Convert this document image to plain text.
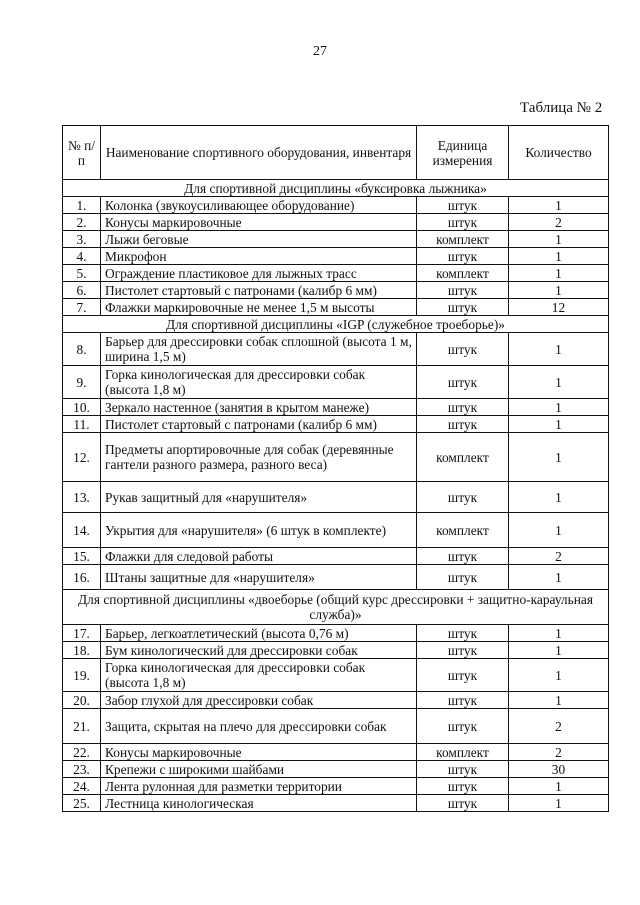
27
Таблица № 2
№ п/п	Наименование спортивного оборудования, инвентаря	Единица измерения	Количество
Для спортивной дисциплины «буксировка лыжника»			
1.	Колонка (звукоусиливающее оборудование)	штук	1
2.	Конусы маркировочные	штук	2
3.	Лыжи беговые	комплект	1
4.	Микрофон	штук	1
5.	Ограждение пластиковое для лыжных трасс	комплект	1
6.	Пистолет стартовый с патронами (калибр 6 мм)	штук	1
7.	Флажки маркировочные не менее 1,5 м высоты	штук	12
Для спортивной дисциплины «IGP (служебное троеборье)»			
8.	Барьер для дрессировки собак сплошной (высота 1 м, ширина 1,5 м)	штук	1
9.	Горка кинологическая для дрессировки собак (высота 1,8 м)	штук	1
10.	Зеркало настенное (занятия в крытом манеже)	штук	1
11.	Пистолет стартовый с патронами (калибр 6 мм)	штук	1
12.	Предметы апортировочные для собак (деревянные гантели разного размера, разного веса)	комплект	1
13.	Рукав защитный для «нарушителя»	штук	1
14.	Укрытия для «нарушителя» (6 штук в комплекте)	комплект	1
15.	Флажки для следовой работы	штук	2
16.	Штаны защитные для «нарушителя»	штук	1
Для спортивной дисциплины «двоеборье (общий курс дрессировки + защитно-караульная служба)»			
17.	Барьер, легкоатлетический (высота 0,76 м)	штук	1
18.	Бум кинологический для дрессировки собак	штук	1
19.	Горка кинологическая для дрессировки собак (высота 1,8 м)	штук	1
20.	Забор глухой для дрессировки собак	штук	1
21.	Защита, скрытая на плечо для дрессировки собак	штук	2
22.	Конусы маркировочные	комплект	2
23.	Крепежи с широкими шайбами	штук	30
24.	Лента рулонная для разметки территории	штук	1
25.	Лестница кинологическая	штук	1
